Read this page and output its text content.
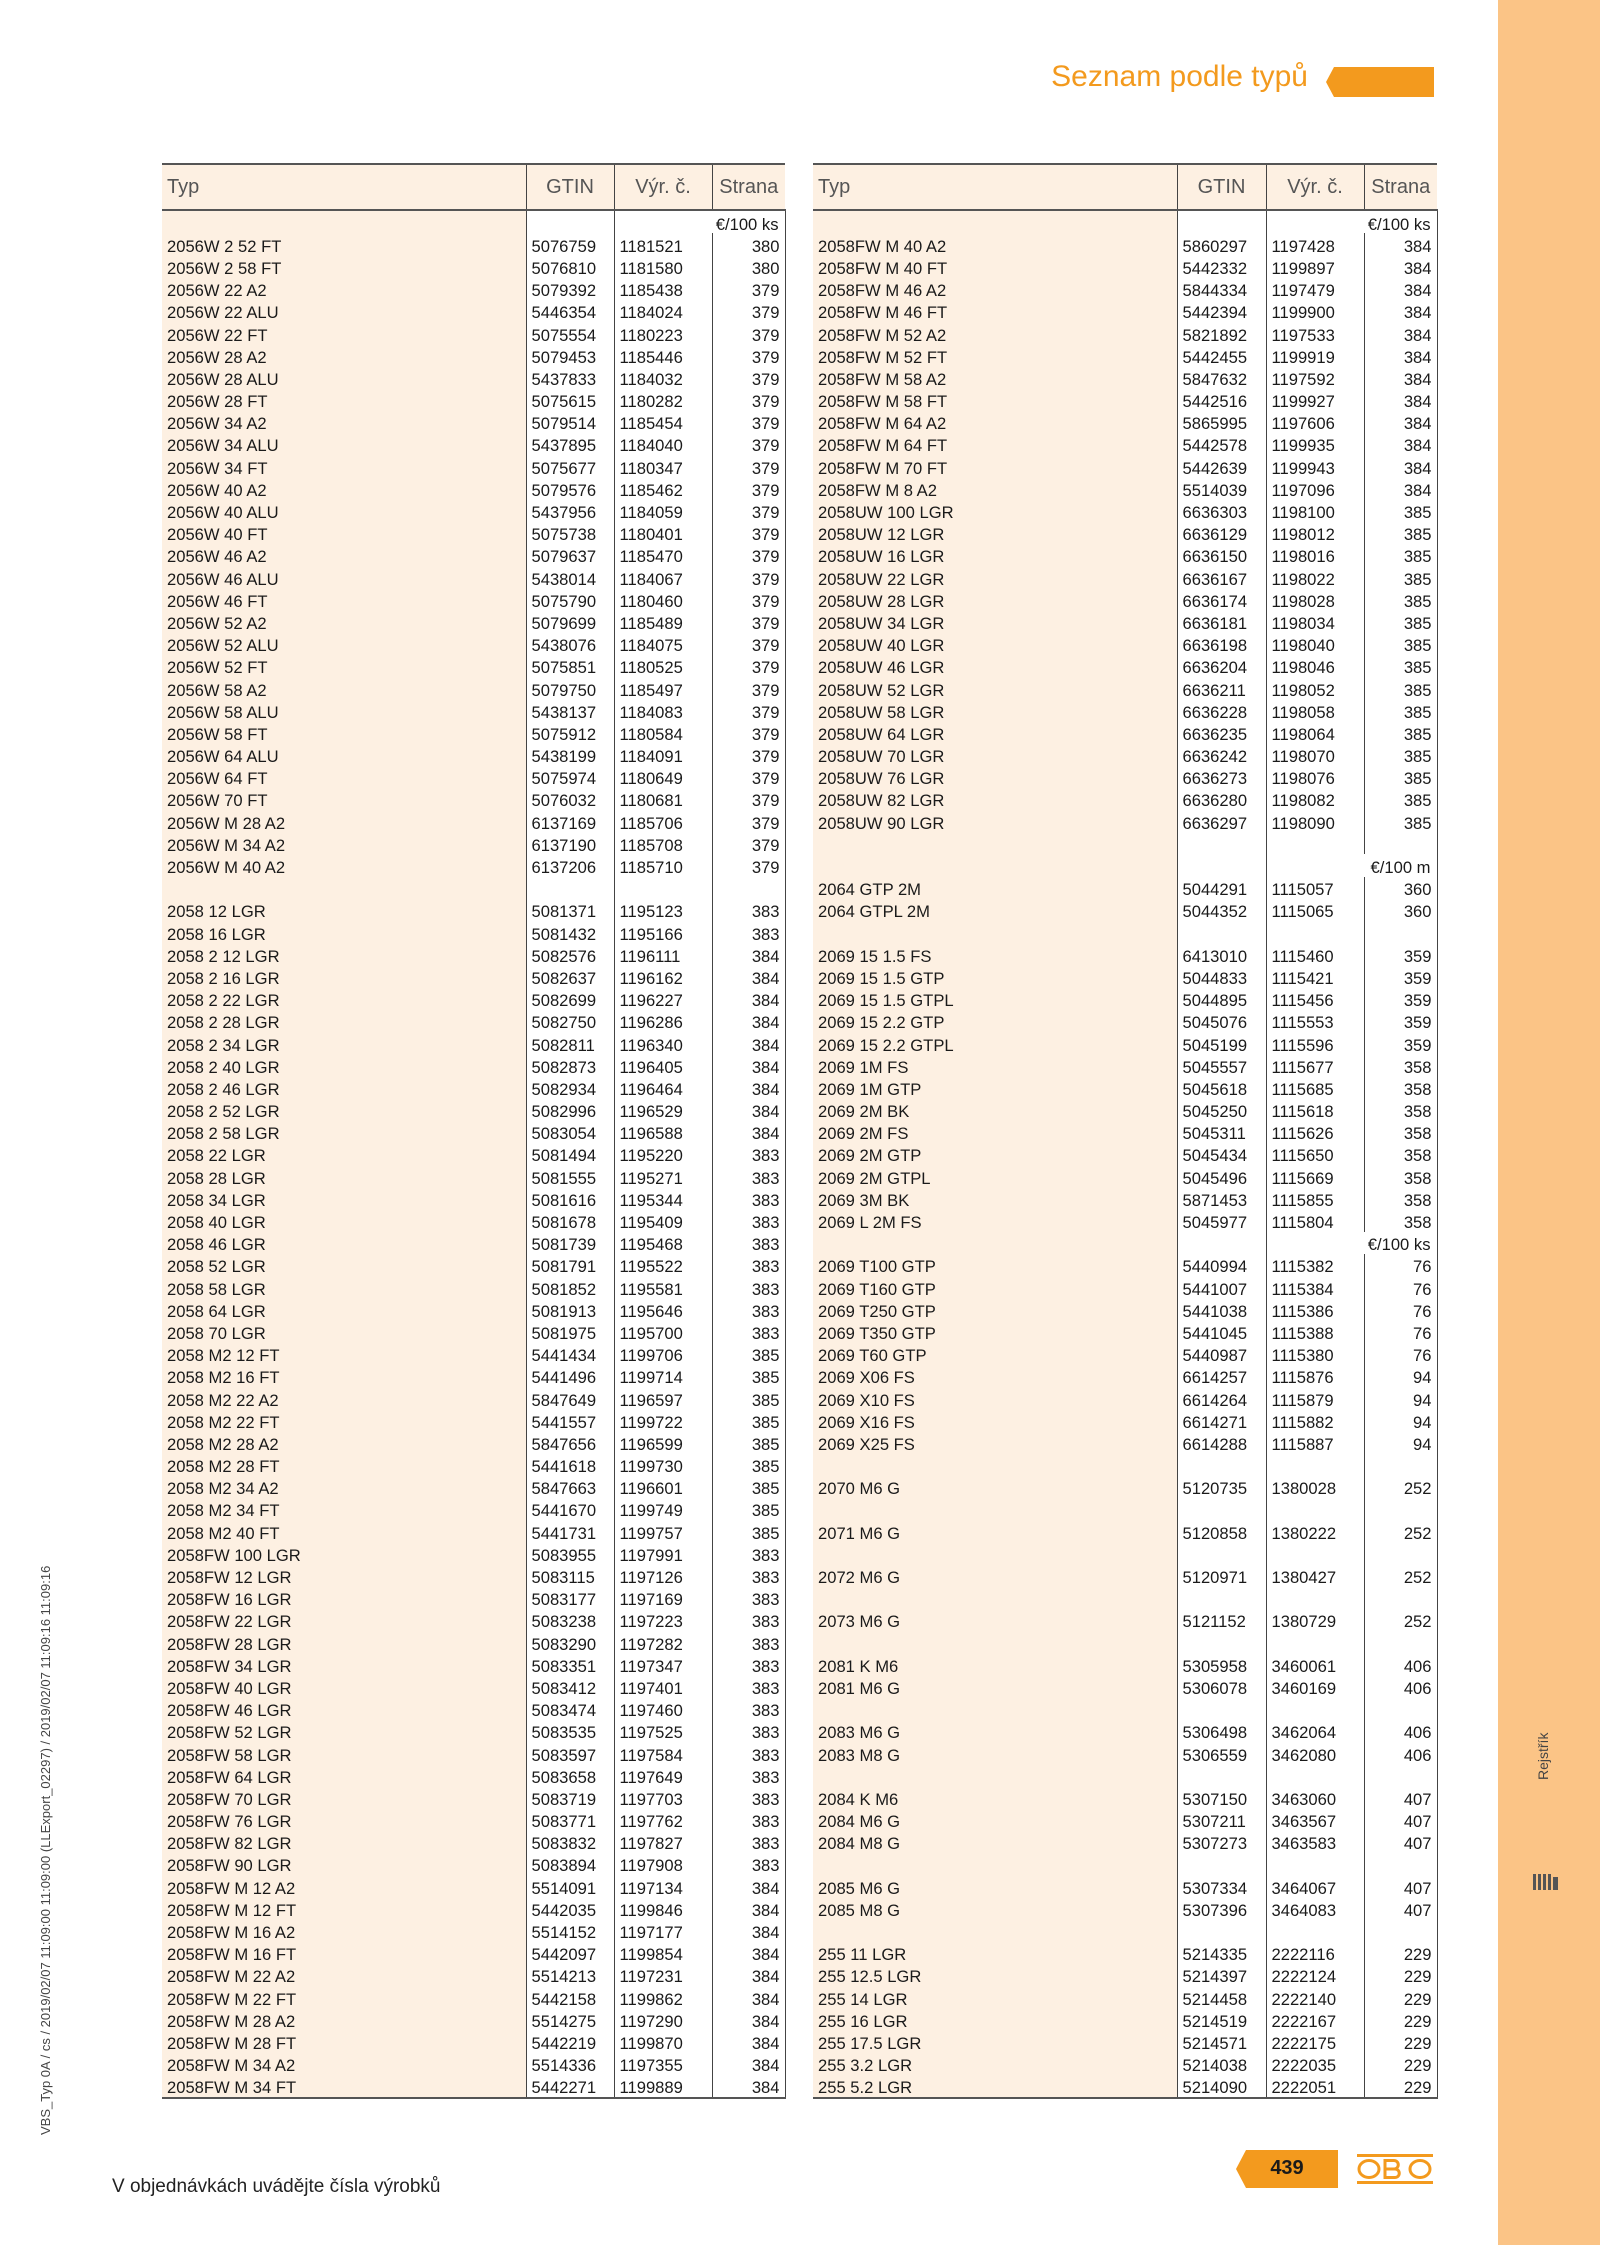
Rejstřík
Seznam podle typů
VBS_Typ 0A / cs / 2019/02/07 11:09:00 11:09:00 (LLExport_02297) / 2019/02/07 11:09:16 11:09:16
Typ	GTIN	Výr. č.	Strana
		€/100 ks	
2056W 2 52 FT	5076759	1181521	380
2056W 2 58 FT	5076810	1181580	380
2056W 22 A2	5079392	1185438	379
2056W 22 ALU	5446354	1184024	379
2056W 22 FT	5075554	1180223	379
2056W 28 A2	5079453	1185446	379
2056W 28 ALU	5437833	1184032	379
2056W 28 FT	5075615	1180282	379
2056W 34 A2	5079514	1185454	379
2056W 34 ALU	5437895	1184040	379
2056W 34 FT	5075677	1180347	379
2056W 40 A2	5079576	1185462	379
2056W 40 ALU	5437956	1184059	379
2056W 40 FT	5075738	1180401	379
2056W 46 A2	5079637	1185470	379
2056W 46 ALU	5438014	1184067	379
2056W 46 FT	5075790	1180460	379
2056W 52 A2	5079699	1185489	379
2056W 52 ALU	5438076	1184075	379
2056W 52 FT	5075851	1180525	379
2056W 58 A2	5079750	1185497	379
2056W 58 ALU	5438137	1184083	379
2056W 58 FT	5075912	1180584	379
2056W 64 ALU	5438199	1184091	379
2056W 64 FT	5075974	1180649	379
2056W 70 FT	5076032	1180681	379
2056W M 28 A2	6137169	1185706	379
2056W M 34 A2	6137190	1185708	379
2056W M 40 A2	6137206	1185710	379

2058 12 LGR	5081371	1195123	383
2058 16 LGR	5081432	1195166	383
2058 2 12 LGR	5082576	1196111	384
2058 2 16 LGR	5082637	1196162	384
2058 2 22 LGR	5082699	1196227	384
2058 2 28 LGR	5082750	1196286	384
2058 2 34 LGR	5082811	1196340	384
2058 2 40 LGR	5082873	1196405	384
2058 2 46 LGR	5082934	1196464	384
2058 2 52 LGR	5082996	1196529	384
2058 2 58 LGR	5083054	1196588	384
2058 22 LGR	5081494	1195220	383
2058 28 LGR	5081555	1195271	383
2058 34 LGR	5081616	1195344	383
2058 40 LGR	5081678	1195409	383
2058 46 LGR	5081739	1195468	383
2058 52 LGR	5081791	1195522	383
2058 58 LGR	5081852	1195581	383
2058 64 LGR	5081913	1195646	383
2058 70 LGR	5081975	1195700	383
2058 M2 12 FT	5441434	1199706	385
2058 M2 16 FT	5441496	1199714	385
2058 M2 22 A2	5847649	1196597	385
2058 M2 22 FT	5441557	1199722	385
2058 M2 28 A2	5847656	1196599	385
2058 M2 28 FT	5441618	1199730	385
2058 M2 34 A2	5847663	1196601	385
2058 M2 34 FT	5441670	1199749	385
2058 M2 40 FT	5441731	1199757	385
2058FW 100 LGR	5083955	1197991	383
2058FW 12 LGR	5083115	1197126	383
2058FW 16 LGR	5083177	1197169	383
2058FW 22 LGR	5083238	1197223	383
2058FW 28 LGR	5083290	1197282	383
2058FW 34 LGR	5083351	1197347	383
2058FW 40 LGR	5083412	1197401	383
2058FW 46 LGR	5083474	1197460	383
2058FW 52 LGR	5083535	1197525	383
2058FW 58 LGR	5083597	1197584	383
2058FW 64 LGR	5083658	1197649	383
2058FW 70 LGR	5083719	1197703	383
2058FW 76 LGR	5083771	1197762	383
2058FW 82 LGR	5083832	1197827	383
2058FW 90 LGR	5083894	1197908	383
2058FW M 12 A2	5514091	1197134	384
2058FW M 12 FT	5442035	1199846	384
2058FW M 16 A2	5514152	1197177	384
2058FW M 16 FT	5442097	1199854	384
2058FW M 22 A2	5514213	1197231	384
2058FW M 22 FT	5442158	1199862	384
2058FW M 28 A2	5514275	1197290	384
2058FW M 28 FT	5442219	1199870	384
2058FW M 34 A2	5514336	1197355	384
2058FW M 34 FT	5442271	1199889	384
Typ	GTIN	Výr. č.	Strana
		€/100 ks	
2058FW M 40 A2	5860297	1197428	384
2058FW M 40 FT	5442332	1199897	384
2058FW M 46 A2	5844334	1197479	384
2058FW M 46 FT	5442394	1199900	384
2058FW M 52 A2	5821892	1197533	384
2058FW M 52 FT	5442455	1199919	384
2058FW M 58 A2	5847632	1197592	384
2058FW M 58 FT	5442516	1199927	384
2058FW M 64 A2	5865995	1197606	384
2058FW M 64 FT	5442578	1199935	384
2058FW M 70 FT	5442639	1199943	384
2058FW M 8 A2	5514039	1197096	384
2058UW 100 LGR	6636303	1198100	385
2058UW 12 LGR	6636129	1198012	385
2058UW 16 LGR	6636150	1198016	385
2058UW 22 LGR	6636167	1198022	385
2058UW 28 LGR	6636174	1198028	385
2058UW 34 LGR	6636181	1198034	385
2058UW 40 LGR	6636198	1198040	385
2058UW 46 LGR	6636204	1198046	385
2058UW 52 LGR	6636211	1198052	385
2058UW 58 LGR	6636228	1198058	385
2058UW 64 LGR	6636235	1198064	385
2058UW 70 LGR	6636242	1198070	385
2058UW 76 LGR	6636273	1198076	385
2058UW 82 LGR	6636280	1198082	385
2058UW 90 LGR	6636297	1198090	385

		€/100 m	
2064 GTP 2M	5044291	1115057	360
2064 GTPL 2M	5044352	1115065	360

2069 15 1.5 FS	6413010	1115460	359
2069 15 1.5 GTP	5044833	1115421	359
2069 15 1.5 GTPL	5044895	1115456	359
2069 15 2.2 GTP	5045076	1115553	359
2069 15 2.2 GTPL	5045199	1115596	359
2069 1M FS	5045557	1115677	358
2069 1M GTP	5045618	1115685	358
2069 2M BK	5045250	1115618	358
2069 2M FS	5045311	1115626	358
2069 2M GTP	5045434	1115650	358
2069 2M GTPL	5045496	1115669	358
2069 3M BK	5871453	1115855	358
2069 L 2M FS	5045977	1115804	358
		€/100 ks	
2069 T100 GTP	5440994	1115382	76
2069 T160 GTP	5441007	1115384	76
2069 T250 GTP	5441038	1115386	76
2069 T350 GTP	5441045	1115388	76
2069 T60 GTP	5440987	1115380	76
2069 X06 FS	6614257	1115876	94
2069 X10 FS	6614264	1115879	94
2069 X16 FS	6614271	1115882	94
2069 X25 FS	6614288	1115887	94

2070 M6 G	5120735	1380028	252

2071 M6 G	5120858	1380222	252

2072 M6 G	5120971	1380427	252

2073 M6 G	5121152	1380729	252

2081 K M6	5305958	3460061	406
2081 M6 G	5306078	3460169	406

2083 M6 G	5306498	3462064	406
2083 M8 G	5306559	3462080	406

2084 K M6	5307150	3463060	407
2084 M6 G	5307211	3463567	407
2084 M8 G	5307273	3463583	407

2085 M6 G	5307334	3464067	407
2085 M8 G	5307396	3464083	407

255 11 LGR	5214335	2222116	229
255 12.5 LGR	5214397	2222124	229
255 14 LGR	5214458	2222140	229
255 16 LGR	5214519	2222167	229
255 17.5 LGR	5214571	2222175	229
255 3.2 LGR	5214038	2222035	229
255 5.2 LGR	5214090	2222051	229
V objednávkách uvádějte čísla výrobků
439
